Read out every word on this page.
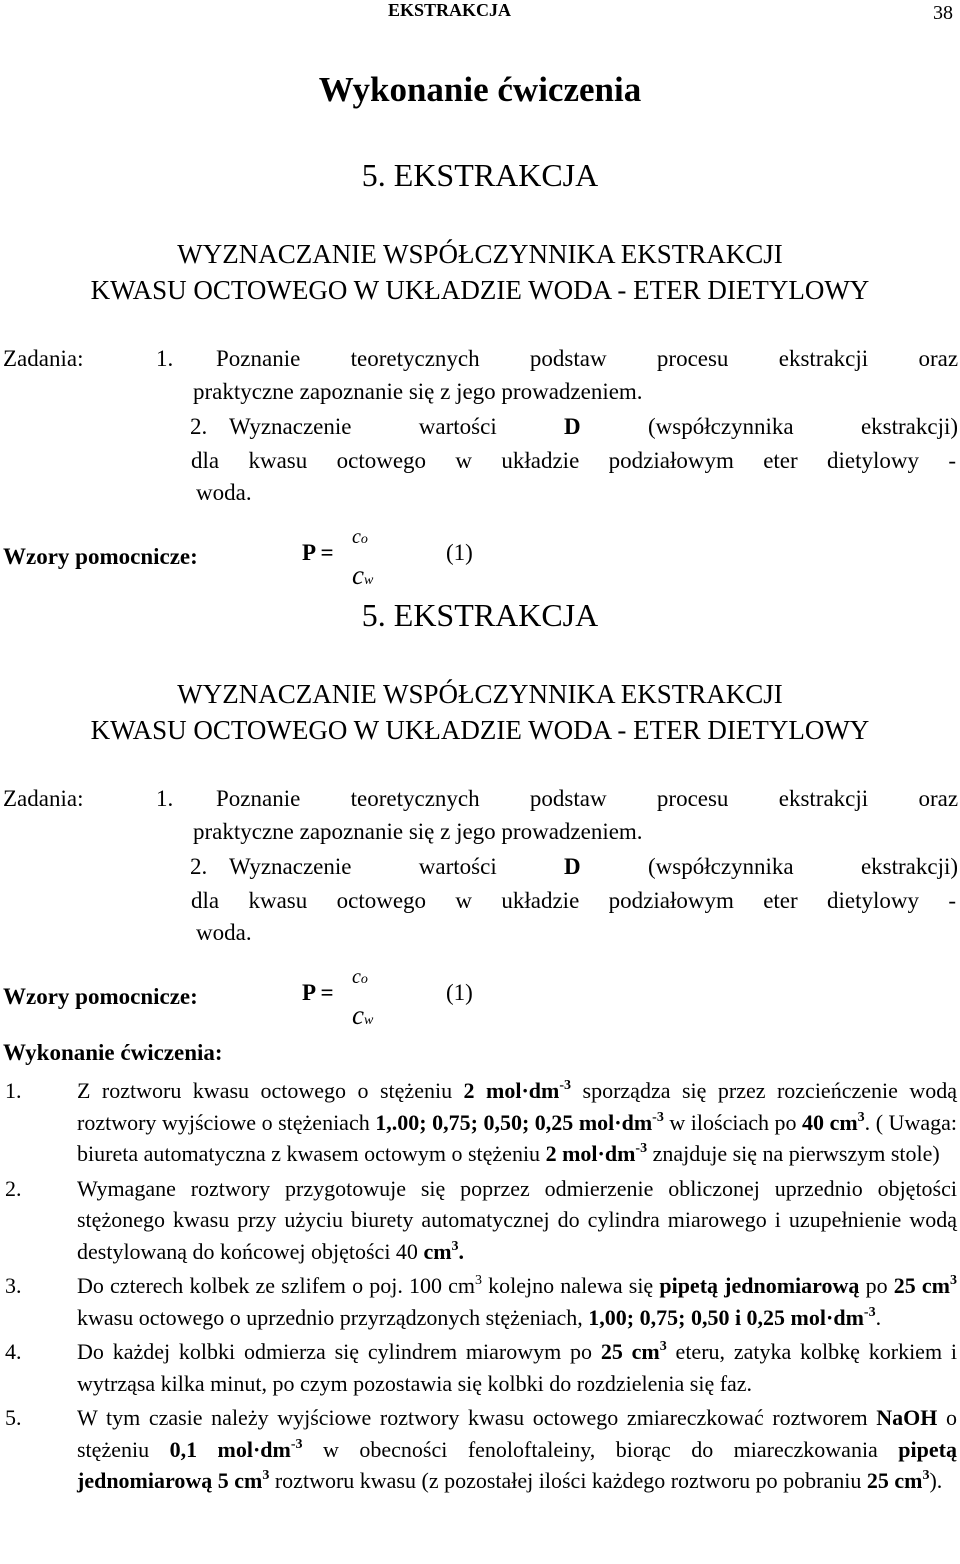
EKSTRAKCJA	38
Wykonanie ćwiczenia
5. EKSTRAKCJA
WYZNACZANIE WSPÓŁCZYNNIKA EKSTRAKCJI
KWASU OCTOWEGO W UKŁADZIE WODA - ETER DIETYLOWY
Zadania:	1. Poznanie teoretycznych podstaw procesu ekstrakcji oraz
praktyczne zapoznanie się z jego prowadzeniem.
2. Wyznaczenie	wartości	D	(współczynnika	ekstrakcji)
dla kwasu octowego w układzie podziałowym eter dietylowy -
woda.
Wzory pomocnicze:	P =
co
cw
(1)
5. EKSTRAKCJA
WYZNACZANIE WSPÓŁCZYNNIKA EKSTRAKCJI
KWASU OCTOWEGO W UKŁADZIE WODA - ETER DIETYLOWY
Zadania:	1. Poznanie teoretycznych podstaw procesu ekstrakcji oraz
praktyczne zapoznanie się z jego prowadzeniem.
2. Wyznaczenie	wartości	D	(współczynnika	ekstrakcji)
dla kwasu octowego w układzie podziałowym eter dietylowy -
woda.
Wzory pomocnicze:	P =
co
cw
(1)
Wykonanie ćwiczenia:
1.	Z roztworu kwasu octowego o stężeniu 2 $mol\cdot dm^{-3}$ sporządza się przez rozcieńczenie wodą roztwory wyjściowe o stężeniach 1,.00; 0,75; 0,50; 0,25 $mol\cdot dm^{-3}$ w ilościach po 40 $cm^3$. ( Uwaga: biureta automatyczna z kwasem octowym o stężeniu 2 $mol\cdot dm^{-3}$ znajduje się na pierwszym stole)
2.	Wymagane roztwory przygotowuje się poprzez odmierzenie obliczonej uprzednio objętości stężonego kwasu przy użyciu biurety automatycznej do cylindra miarowego i uzupełnienie wodą destylowaną do końcowej objętości 40 $cm^3$.
3.	Do czterech kolbek ze szlifem o poj. 100 $cm^3$ kolejno nalewa się pipetą jednomiarową po 25 $cm^3$ kwasu octowego o uprzednio przyrządzonych stężeniach, 1,00; 0,75; 0,50 i 0,25 $mol\cdot dm^{-3}$.
4.	Do każdej kolbki odmierza się cylindrem miarowym po 25 $cm^3$ eteru, zatyka kolbkę korkiem i wytrząsa kilka minut, po czym pozostawia się kolbki do rozdzielenia się faz.
5.	W tym czasie należy wyjściowe roztwory kwasu octowego zmiareczkować roztworem NaOH o stężeniu 0,1 $mol\cdot dm^{-3}$ w obecności fenoloftaleiny, biorąc do miareczkowania pipetą jednomiarową 5 $cm^3$ roztworu kwasu (z pozostałej ilości każdego roztworu po pobraniu 25 $cm^3$).
